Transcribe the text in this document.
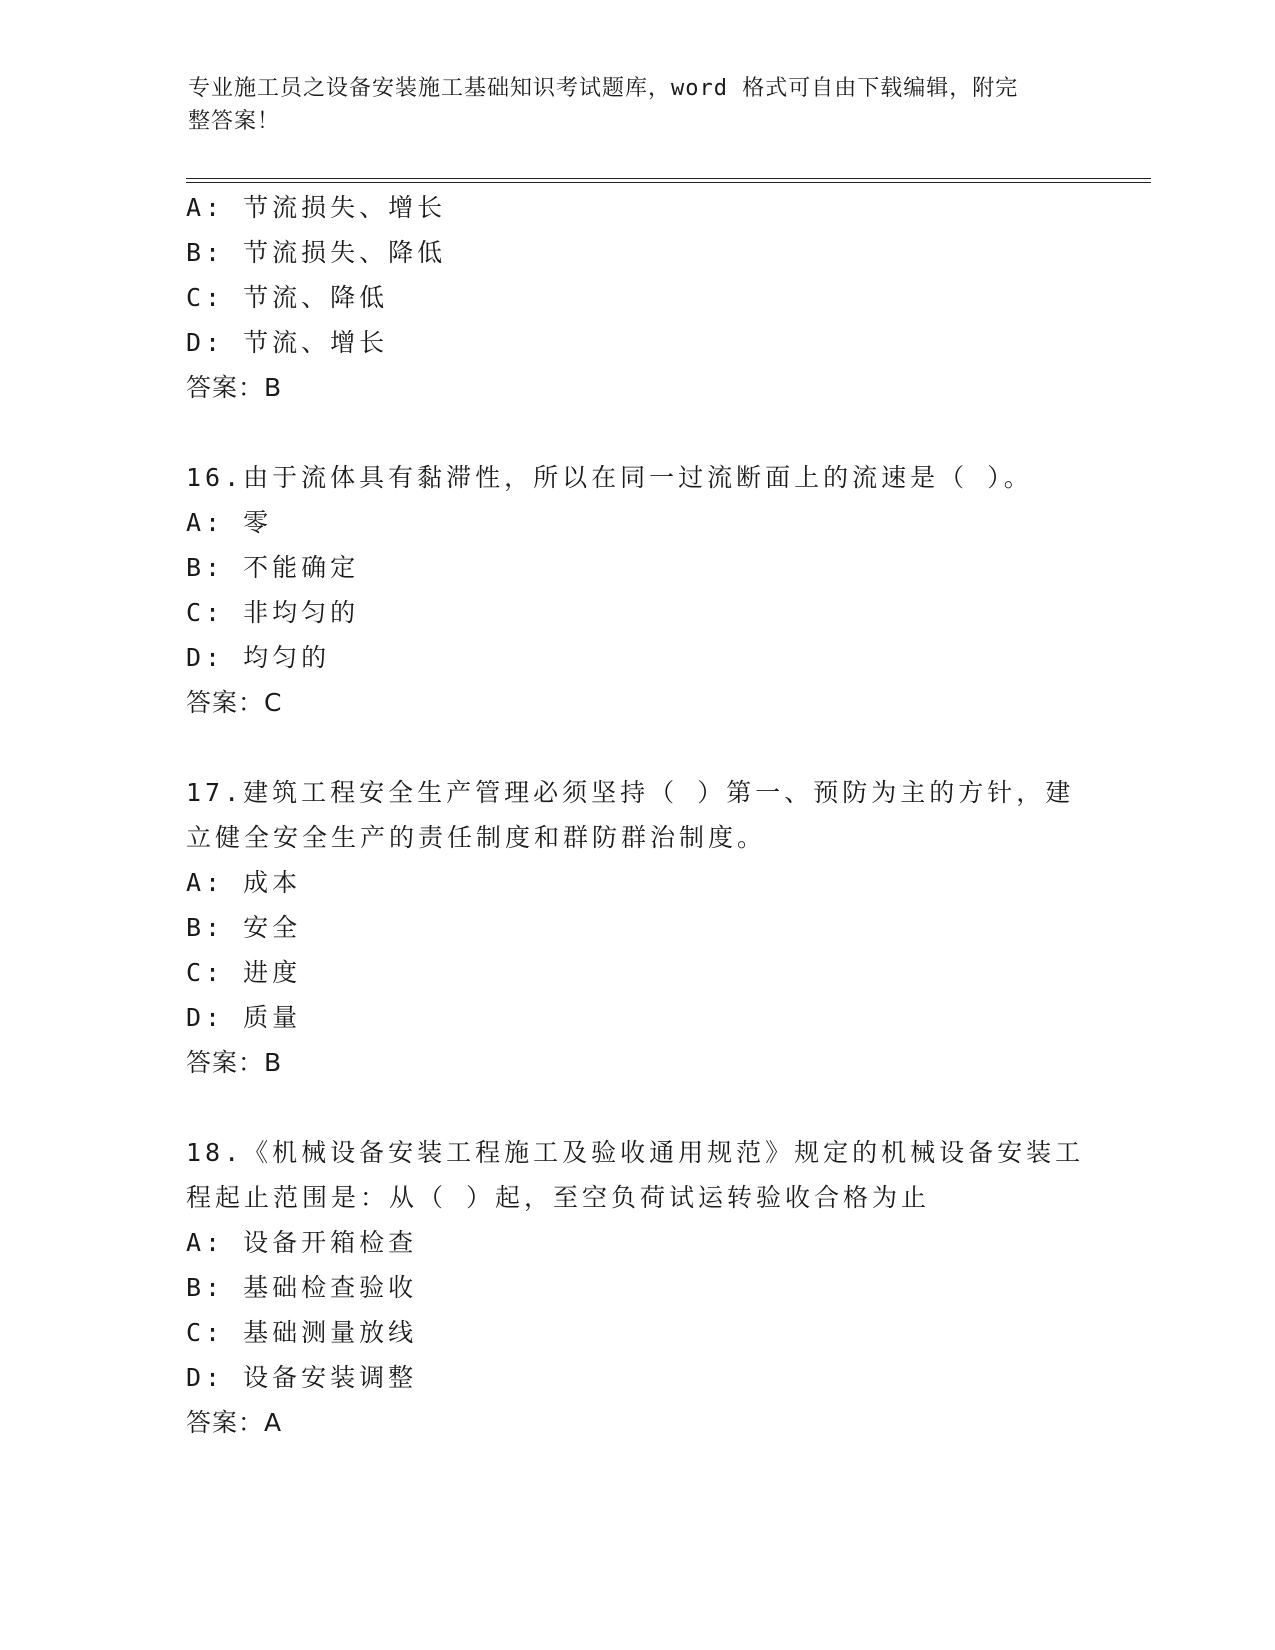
专业施工员之设备安装施工基础知识考试题库，word 格式可自由下载编辑，附完
整答案！
A: 节流损失、增长
B: 节流损失、降低
C: 节流、降低
D: 节流、增长
答案：B
16.由于流体具有黏滞性，所以在同一过流断面上的流速是（ ）。
A: 零
B: 不能确定
C: 非均匀的
D: 均匀的
答案：C
17.建筑工程安全生产管理必须坚持（ ）第一、预防为主的方针，建
立健全安全生产的责任制度和群防群治制度。
A: 成本
B: 安全
C: 进度
D: 质量
答案：B
18.《机械设备安装工程施工及验收通用规范》规定的机械设备安装工
程起止范围是：从（ ）起，至空负荷试运转验收合格为止
A: 设备开箱检查
B: 基础检查验收
C: 基础测量放线
D: 设备安装调整
答案：A
